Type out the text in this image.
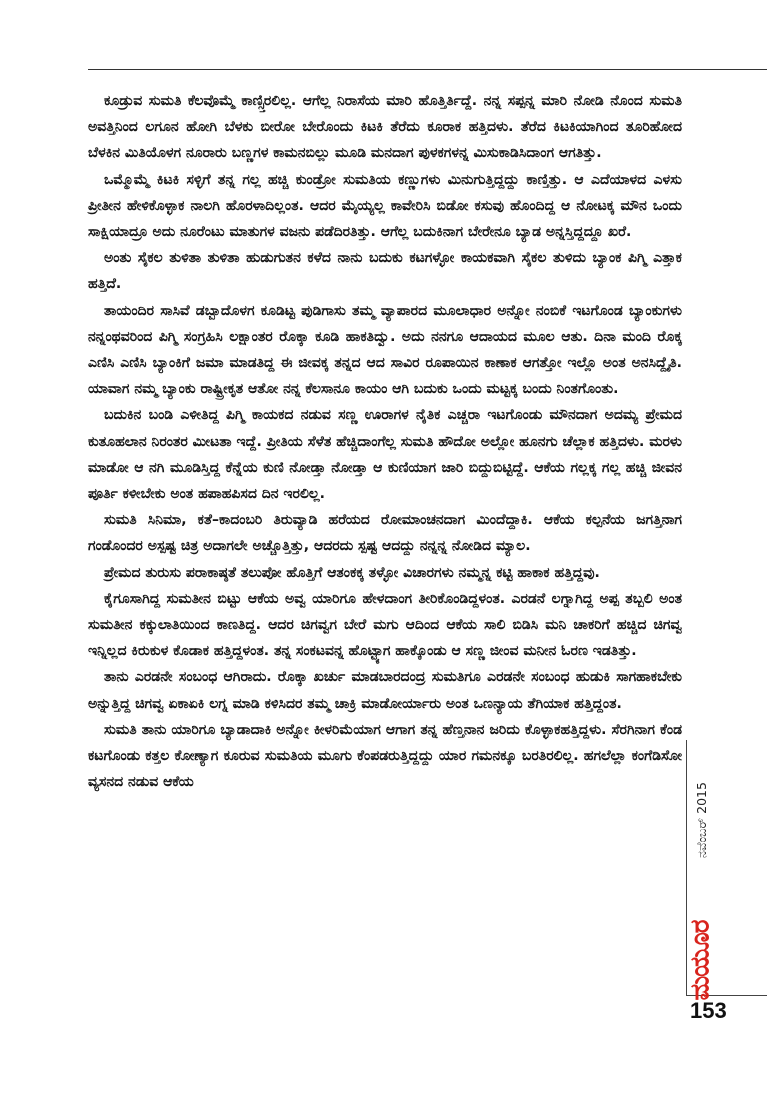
ಕೂಡ್ರುವ ಸುಮತಿ ಕೆಲವೊಮ್ಮೆ ಕಾಣ್ಸ್ತಿರಲಿಲ್ಲ. ಆಗೆಲ್ಲ ನಿರಾಸೆಯ ಮಾರಿ ಹೊತ್ತಿರ್ತಿದ್ದೆ. ನನ್ನ ಸಪ್ಪನ್ನ ಮಾರಿ ನೋಡಿ ನೊಂದ ಸುಮತಿ ಅವತ್ತಿನಿಂದ ಲಗೂನ ಹೋಗಿ ಬೆಳಕು ಬೀರೋ ಬೇರೊಂದು ಕಿಟಕಿ ತೆರೆದು ಕೂರಾಕ ಹತ್ತಿದಳು. ತೆರೆದ ಕಿಟಕಿಯಾಗಿಂದ ತೂರಿಹೋದ ಬೆಳಕಿನ ಮಿತಿಯೊಳಗ ನೂರಾರು ಬಣ್ಣಗಳ ಕಾಮನಬಿಲ್ಲು ಮೂಡಿ ಮನದಾಗ ಪುಳಕಗಳನ್ನ ಮಿಸುಕಾಡಿಸಿದಾಂಗ ಆಗತಿತ್ತು.

ಒಮ್ಮೊಮ್ಮೆ ಕಿಟಕಿ ಸಳ್ಳಿಗೆ ತನ್ನ ಗಲ್ಲ ಹಚ್ಚಿ ಕುಂಡ್ರೋ ಸುಮತಿಯ ಕಣ್ಣುಗಳು ಮಿನುಗುತ್ತಿದ್ದದ್ದು ಕಾಣ್ತಿತ್ತು. ಆ ಎದೆಯಾಳದ ಎಳಸು ಪ್ರೀತೀನ ಹೇಳಿಕೊಳ್ಳಾಕ ನಾಲಗಿ ಹೊರಳಾದಿಲ್ಲಂತ. ಆದರ ಮೈಯ್ಯಲ್ಲ ಕಾವೇರಿಸಿ ಬಿಡೋ ಕಸುವು ಹೊಂದಿದ್ದ ಆ ನೋಟಕ್ಕ ಮೌನ ಒಂದು ಸಾಕ್ಷಿಯಾದ್ರೂ ಅದು ನೂರೆಂಟು ಮಾತುಗಳ ವಜನು ಪಡೆದಿರತಿತ್ತು. ಆಗೆಲ್ಲ ಬದುಕಿನಾಗ ಬೇರೇನೂ ಬ್ಯಾಡ ಅನ್ನಸ್ತಿದ್ದದ್ದೂ ಖರೆ.

ಅಂತು ಸೈಕಲ ತುಳಿತಾ ತುಳಿತಾ ಹುಡುಗುತನ ಕಳೆದ ನಾನು ಬದುಕು ಕಟಗಳ್ಳೋ ಕಾಯಕವಾಗಿ ಸೈಕಲ ತುಳಿದು ಬ್ಯಾಂಕ ಪಿಗ್ಮಿ ಎತ್ತಾಕ ಹತ್ತಿದೆ.

ತಾಯಂದಿರ ಸಾಸಿವೆ ಡಬ್ಬಾದೊಳಗ ಕೂಡಿಟ್ಟ ಪುಡಿಗಾಸು ತಮ್ಮ ವ್ಯಾಪಾರದ ಮೂಲಾಧಾರ ಅನ್ನೋ ನಂಬಿಕೆ ಇಟಗೊಂಡ ಬ್ಯಾಂಕುಗಳು ನನ್ನಂಥವರಿಂದ ಪಿಗ್ಮಿ ಸಂಗ್ರಹಿಸಿ ಲಕ್ಷಾಂತರ ರೊಕ್ಕಾ ಕೂಡಿ ಹಾಕತಿದ್ವು. ಅದು ನನಗೂ ಆದಾಯದ ಮೂಲ ಆತು. ದಿನಾ ಮಂದಿ ರೊಕ್ಕ ಎಣಿಸಿ ಎಣಿಸಿ ಬ್ಯಾಂಕಿಗೆ ಜಮಾ ಮಾಡತಿದ್ದ ಈ ಜೀವಕ್ಕ ತನ್ನದ ಆದ ಸಾವಿರ ರೂಪಾಯಿನ ಕಾಣಾಕ ಆಗತ್ತೋ ಇಲ್ಲೊ ಅಂತ ಅನಸಿದ್ದೈತಿ. ಯಾವಾಗ ನಮ್ಮ ಬ್ಯಾಂಕು ರಾಷ್ಟ್ರೀಕೃತ ಆತೋ ನನ್ನ ಕೆಲಸಾನೂ ಕಾಯಂ ಆಗಿ ಬದುಕು ಒಂದು ಮಟ್ಟಕ್ಕ ಬಂದು ನಿಂತಗೊಂತು.

ಬದುಕಿನ ಬಂಡಿ ಎಳೀತಿದ್ದ ಪಿಗ್ಮಿ ಕಾಯಕದ ನಡುವ ಸಣ್ಣ ಊರಾಗಳ ನೈತಿಕ ಎಚ್ಚರಾ ಇಟಗೊಂಡು ಮೌನದಾಗ ಅದಮ್ಯ ಪ್ರೇಮದ ಕುತೂಹಲಾನ ನಿರಂತರ ಮೀಟತಾ ಇದ್ದೆ. ಪ್ರೀತಿಯ ಸೆಳೆತ ಹೆಚ್ಚಿದಾಂಗೆಲ್ಲ ಸುಮತಿ ಹೌದೋ ಅಲ್ಲೋ ಹೂನಗು ಚೆಲ್ಲಾಕ ಹತ್ತಿದಳು. ಮರಳು ಮಾಡೋ ಆ ನಗಿ ಮೂಡಿಸ್ತಿದ್ದ ಕೆನ್ನೆಯ ಕುಣಿ ನೋಡ್ತಾ ನೋಡ್ತಾ ಆ ಕುಣಿಯಾಗ ಜಾರಿ ಬಿದ್ದುಬಿಟ್ಟಿದ್ದೆ. ಆಕೆಯ ಗಲ್ಲಕ್ಕ ಗಲ್ಲ ಹಚ್ಚಿ ಜೀವನ ಪೂರ್ತಿ ಕಳೀಬೇಕು ಅಂತ ಹಪಾಹಪಿಸದ ದಿನ ಇರಲಿಲ್ಲ.

ಸುಮತಿ ಸಿನಿಮಾ, ಕತೆ–ಕಾದಂಬರಿ ತಿರುವ್ಯಾಡಿ ಹರೆಯದ ರೋಮಾಂಚನದಾಗ ಮಿಂದೆದ್ದಾಕಿ. ಆಕೆಯ ಕಲ್ಪನೆಯ ಜಗತ್ತಿನಾಗ ಗಂಡೊಂದರ ಅಸ್ಪಷ್ಟ ಚಿತ್ರ ಅದಾಗಲೇ ಅಚ್ಚೊತ್ತಿತ್ತು, ಆದರದು ಸ್ಪಷ್ಟ ಆದದ್ದು ನನ್ನನ್ನ ನೋಡಿದ ಮ್ಯಾಲ.

ಪ್ರೇಮದ ತುರುಸು ಪರಾಕಾಷ್ಠತೆ ತಲುಪೋ ಹೊತ್ತಿಗೆ ಆತಂಕಕ್ಕ ತಳ್ಳೋ ವಿಚಾರಗಳು ನಮ್ಮನ್ನ ಕಟ್ಟಿ ಹಾಕಾಕ ಹತ್ತಿದ್ದವು.

ಕೈಗೂಸಾಗಿದ್ದ ಸುಮತೀನ ಬಿಟ್ಟು ಆಕೆಯ ಅವ್ವ ಯಾರಿಗೂ ಹೇಳದಾಂಗ ತೀರಿಕೊಂಡಿದ್ದಳಂತ. ಎರಡನೆ ಲಗ್ನಾಗಿದ್ದ ಅಪ್ಪ ತಬ್ಬಲಿ ಅಂತ ಸುಮತೀನ ಕಕ್ಕುಲಾತಿಯಿಂದ ಕಾಣತಿದ್ದ. ಆದರ ಚಿಗವ್ವಗ ಬೇರೆ ಮಗು ಆದಿಂದ ಆಕೆಯ ಸಾಲಿ ಬಿಡಿಸಿ ಮನಿ ಚಾಕರಿಗೆ ಹಚ್ಚಿದ ಚಿಗವ್ವ ಇನ್ನಿಲ್ಲದ ಕಿರುಕುಳ ಕೊಡಾಕ ಹತ್ತಿದ್ದಳಂತ. ತನ್ನ ಸಂಕಟವನ್ನ ಹೊಟ್ಟ್ಯಾಗ ಹಾಕ್ಕೊಂಡು ಆ ಸಣ್ಣ ಜೀಂವ ಮನೀನ ಓರಣ ಇಡತಿತ್ತು.

ತಾನು ಎರಡನೇ ಸಂಬಂಧ ಆಗಿರಾದು. ರೊಕ್ಕಾ ಖರ್ಚು ಮಾಡಬಾರದಂದ್ರ ಸುಮತಿಗೂ ಎರಡನೇ ಸಂಬಂಧ ಹುಡುಕಿ ಸಾಗಹಾಕಬೇಕು ಅನ್ನುತ್ತಿದ್ದ ಚಿಗವ್ವ ಏಕಾಏಕಿ ಲಗ್ನ ಮಾಡಿ ಕಳಿಸಿದರ ತಮ್ಮ ಚಾಕ್ರಿ ಮಾಡೋರ್ಯಾರು ಅಂತ ಒಣನ್ಯಾಯ ತೆಗಿಯಾಕ ಹತ್ತಿದ್ದಂತ.

ಸುಮತಿ ತಾನು ಯಾರಿಗೂ ಬ್ಯಾಡಾದಾಕಿ ಅನ್ನೋ ಕೀಳರಿಮೆಯಾಗ ಆಗಾಗ ತನ್ನ ಹೆಣ್ತನಾನ ಜರಿದು ಕೊಳ್ಳಾಕಹತ್ತಿದ್ದಳು. ಸೆರಗಿನಾಗ ಕೆಂಡ ಕಟಗೊಂಡು ಕತ್ತಲ ಕೋಣ್ಯಾಗ ಕೂರುವ ಸುಮತಿಯ ಮೂಗು ಕೆಂಪಡರುತ್ತಿದ್ದದ್ದು ಯಾರ ಗಮನಕ್ಕೂ ಬರತಿರಲಿಲ್ಲ. ಹಗಲೆಲ್ಲಾ ಕಂಗೆಡಿಸೋ ವ್ಯಸನದ ನಡುವ ಆಕೆಯ	ನವೆಂಬರ್ 2015
ಮಯೂರ
153
